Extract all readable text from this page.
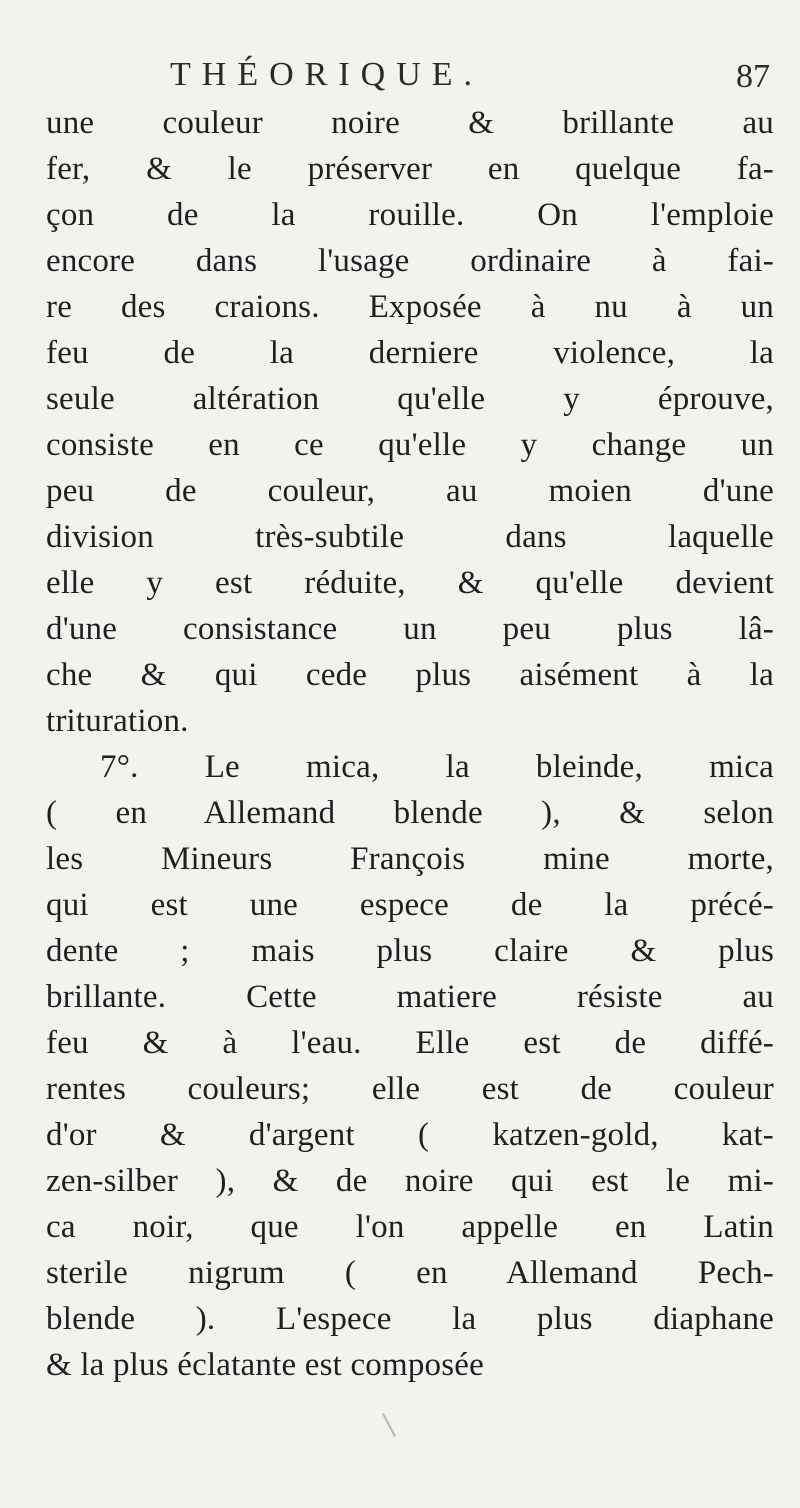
THÉORIQUE.	87
une couleur noire & brillante au
fer, & le préserver en quelque fa-
çon de la rouille. On l'emploie
encore dans l'usage ordinaire à fai-
re des craions. Exposée à nu à un
feu de la derniere violence, la
seule altération qu'elle y éprouve,
consiste en ce qu'elle y change un
peu de couleur, au moien d'une
division très-subtile dans laquelle
elle y est réduite, & qu'elle devient
d'une consistance un peu plus lâ-
che & qui cede plus aisément à la
trituration.
7°. Le mica, la bleinde, mica
( en Allemand blende ), & selon
les Mineurs François mine morte,
qui est une espece de la précé-
dente ; mais plus claire & plus
brillante. Cette matiere résiste au
feu & à l'eau. Elle est de diffé-
rentes couleurs; elle est de couleur
d'or & d'argent ( katzen-gold, kat-
zen-silber ), & de noire qui est le mi-
ca noir, que l'on appelle en Latin
sterile nigrum ( en Allemand Pech-
blende ). L'espece la plus diaphane
& la plus éclatante est composée
